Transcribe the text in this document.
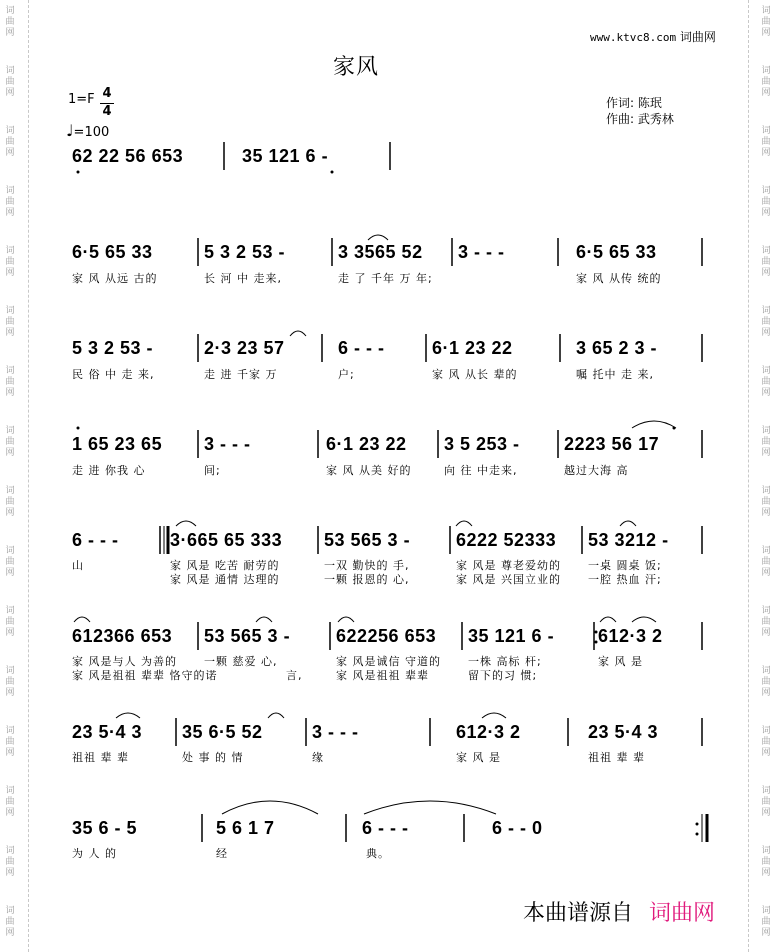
词
曲
网
词
曲
网
词
曲
网
词
曲
网
词
曲
网
词
曲
网
词
曲
网
词
曲
网
词
曲
网
词
曲
网
词
曲
网
词
曲
网
词
曲
网
词
曲
网
词
曲
网
词
曲
网
词
曲
网
词
曲
网
词
曲
网
词
曲
网
词
曲
网
词
曲
网
词
曲
网
词
曲
网
词
曲
网
词
曲
网
词
曲
网
词
曲
网
词
曲
网
词
曲
网
词
曲
网
词
曲
网
www.ktvc8.com 词曲网
家风
1=F 4
4
♩=100
作词: 陈珉
作曲: 武秀林
62 22 56 653	35 121 6 -
6·5 65 33	5 3 2 53 -	3 3565 52 3 - - -	6·5 65 33
家 风 从远 古的	长 河 中 走来,	走 了 千年 万 年;	家 风 从传 统的
5 3 2 53 -	2·3 23 57	6 - - -	6·1 23 22	3 65 2 3 -
民 俗 中 走 来,	走 进 千家 万	户;	家 风 从长 辈的	嘱 托中 走 来,
1 65 23 65 3 - - -	6·1 23 22 3 5 253 - 2223 56 17
走 进 你我 心	间;	家 风 从美 好的	向 往 中走来,	越过大海 高
6 - - -	3·665 65 333 53 565 3 -	6222 52333 53 3212 -
山	家 风是 吃苦 耐劳的	一双 勤快的 手,	家 风是 尊老爱幼的 一桌 圆桌 饭;
家 风是 通情 达理的	一颗 报恩的 心,	家 风是 兴国立业的 一腔 热血 汗;
612366 653 53 565 3 -	622256 653 35 121 6 - 612·3 2
家 风是与人 为善的 一颗 慈爱 心,	家 风是诚信 守道的 一株 高标 杆;	家 风 是
家 风是祖祖 辈辈 恪守的诺	言,	家 风是祖祖 辈辈	留下的习 惯;
23 5·4 3 35 6·5 52	3 - - -	612·3 2	23 5·4 3
祖祖 辈 辈	处 事 的 情	缘	家 风 是	祖祖 辈 辈
35 6 - 5	5 6 1 7	6 - - -	6 - - 0
为 人 的	经	典。
本曲谱源自 词曲网
